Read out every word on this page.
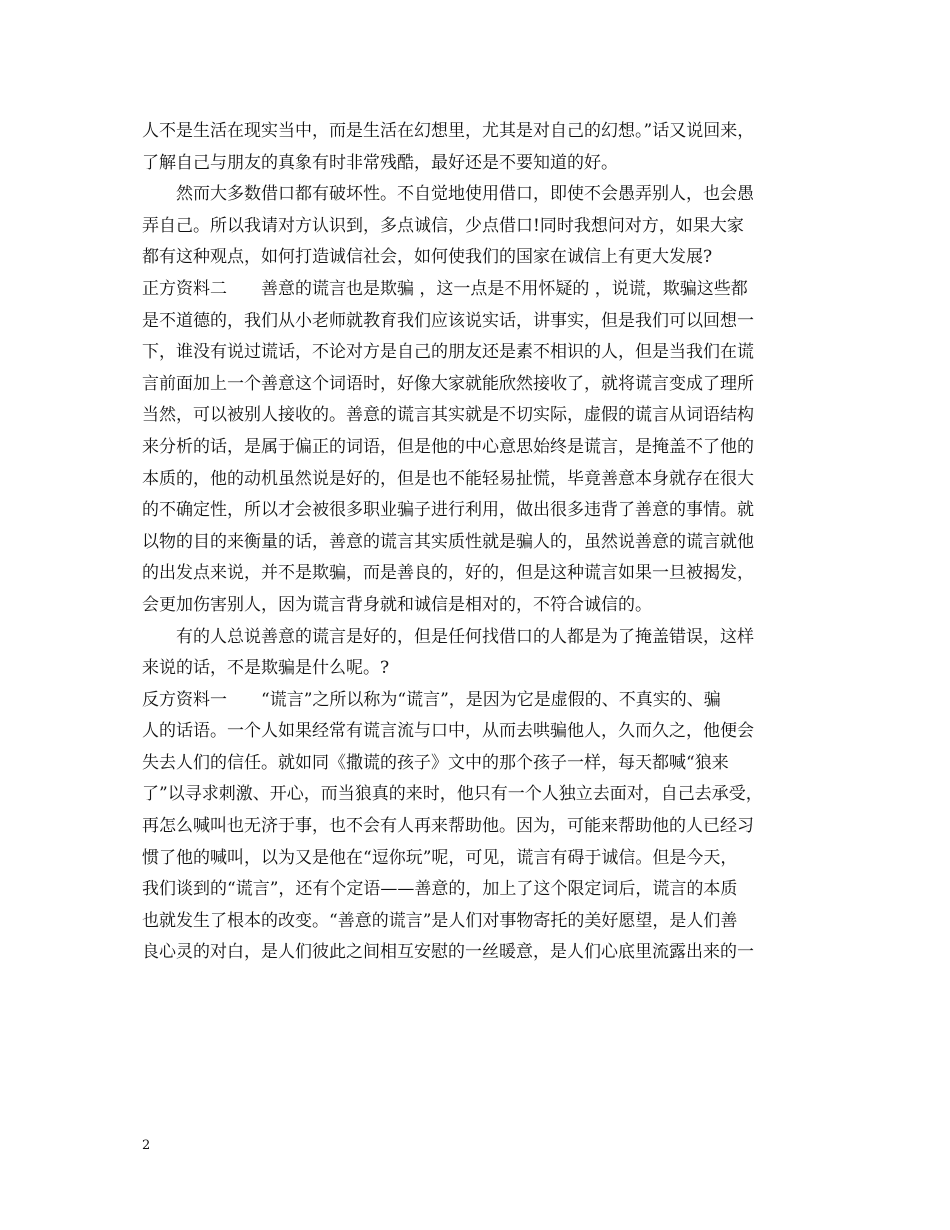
人不是生活在现实当中，而是生活在幻想里，尤其是对自己的幻想。”话又说回来，
了解自己与朋友的真象有时非常残酷，最好还是不要知道的好。
　　然而大多数借口都有破坏性。不自觉地使用借口，即使不会愚弄别人，也会愚
弄自己。所以我请对方认识到，多点诚信，少点借口!同时我想问对方，如果大家
都有这种观点，如何打造诚信社会，如何使我们的国家在诚信上有更大发展?
正方资料二　　善意的谎言也是欺骗 ，这一点是不用怀疑的 ，说谎，欺骗这些都
是不道德的，我们从小老师就教育我们应该说实话，讲事实，但是我们可以回想一
下，谁没有说过谎话，不论对方是自己的朋友还是素不相识的人，但是当我们在谎
言前面加上一个善意这个词语时，好像大家就能欣然接收了，就将谎言变成了理所
当然，可以被别人接收的。善意的谎言其实就是不切实际，虚假的谎言从词语结构
来分析的话，是属于偏正的词语，但是他的中心意思始终是谎言，是掩盖不了他的
本质的，他的动机虽然说是好的，但是也不能轻易扯慌，毕竟善意本身就存在很大
的不确定性，所以才会被很多职业骗子进行利用，做出很多违背了善意的事情。就
以物的目的来衡量的话，善意的谎言其实质性就是骗人的，虽然说善意的谎言就他
的出发点来说，并不是欺骗，而是善良的，好的，但是这种谎言如果一旦被揭发，
会更加伤害别人，因为谎言背身就和诚信是相对的，不符合诚信的。
　　有的人总说善意的谎言是好的，但是任何找借口的人都是为了掩盖错误，这样
来说的话，不是欺骗是什么呢。?
反方资料一　　“谎言”之所以称为“谎言”，是因为它是虚假的、不真实的、骗
人的话语。一个人如果经常有谎言流与口中，从而去哄骗他人，久而久之，他便会
失去人们的信任。就如同《撒谎的孩子》文中的那个孩子一样，每天都喊“狼来
了”以寻求刺激、开心，而当狼真的来时，他只有一个人独立去面对，自己去承受，
再怎么喊叫也无济于事，也不会有人再来帮助他。因为，可能来帮助他的人已经习
惯了他的喊叫，以为又是他在“逗你玩”呢，可见，谎言有碍于诚信。但是今天，
我们谈到的“谎言”，还有个定语——善意的，加上了这个限定词后，谎言的本质
也就发生了根本的改变。“善意的谎言”是人们对事物寄托的美好愿望，是人们善
良心灵的对白，是人们彼此之间相互安慰的一丝暖意，是人们心底里流露出来的一
2
